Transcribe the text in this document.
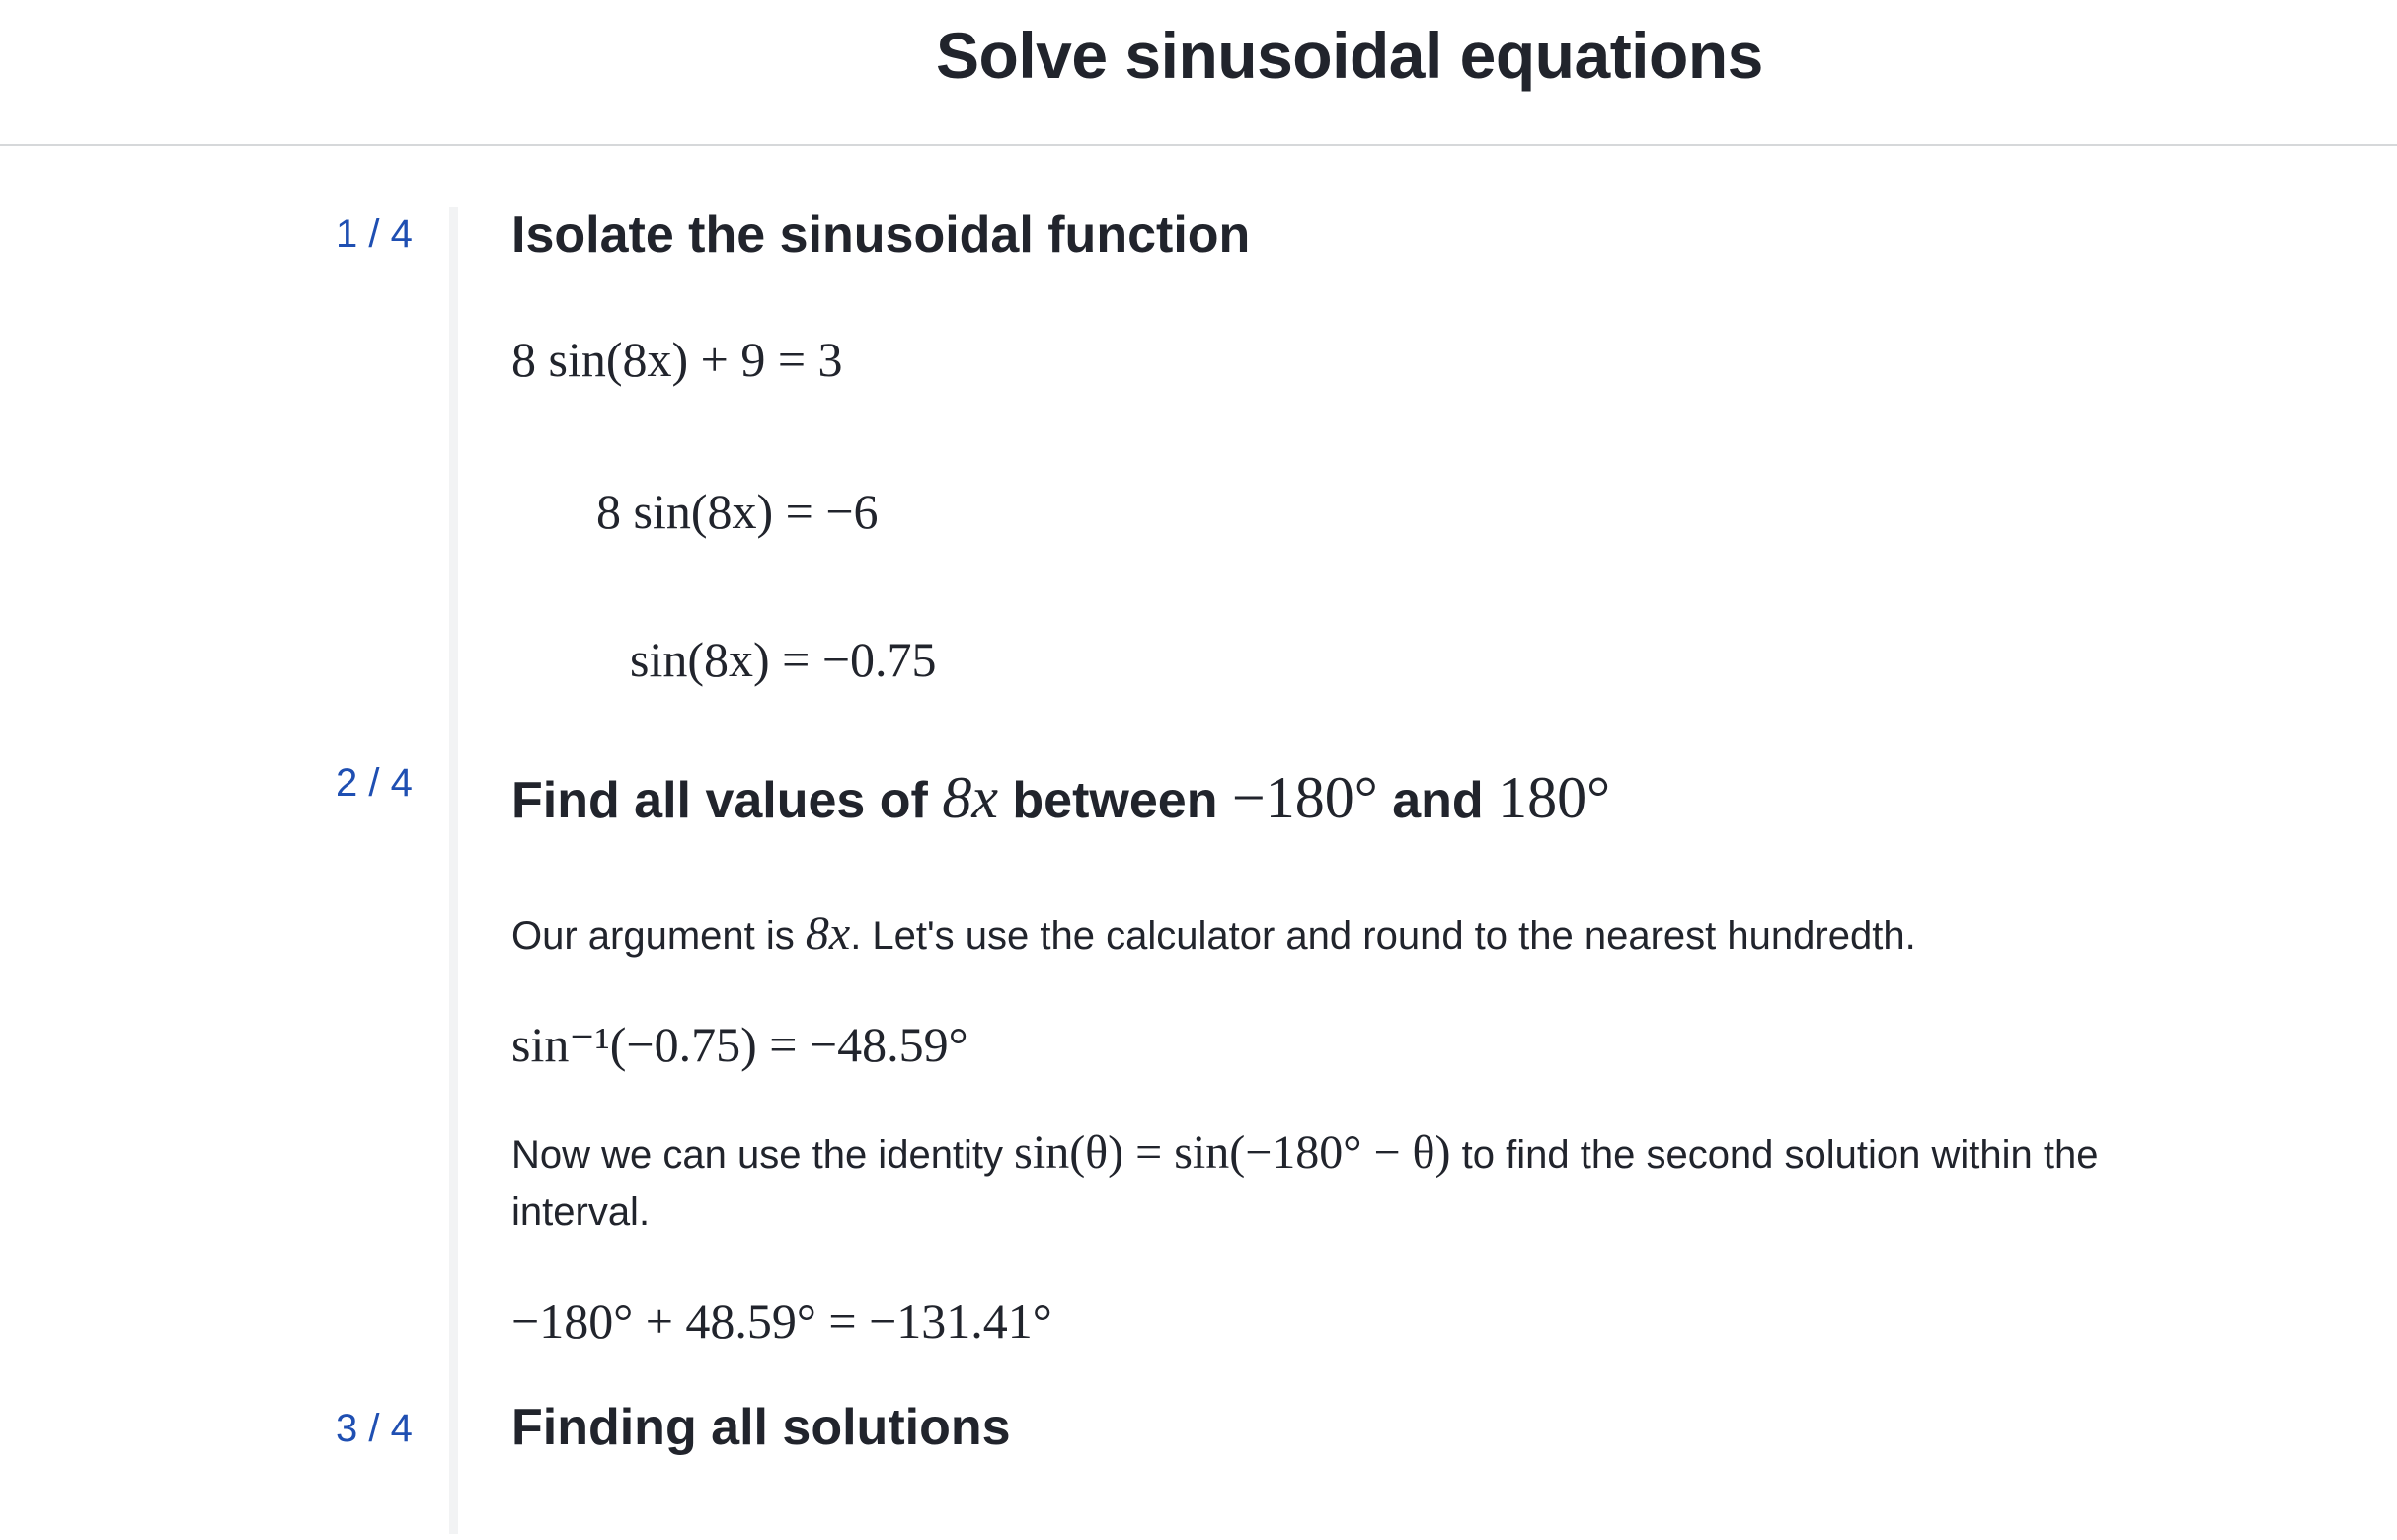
Solve sinusoidal equations
1 / 4 Isolate the sinusoidal function
8 sin(8x) + 9 = 3
8 sin(8x) = −6
sin(8x) = −0.75
2 / 4 Find all values of 8x between −180° and 180°
Our argument is 8x. Let's use the calculator and round to the nearest hundredth.
sin⁻¹(−0.75) = −48.59°
Now we can use the identity sin(θ) = sin(−180° − θ) to find the second solution within the
interval.
−180° + 48.59° = −131.41°
3 / 4 Finding all solutions
